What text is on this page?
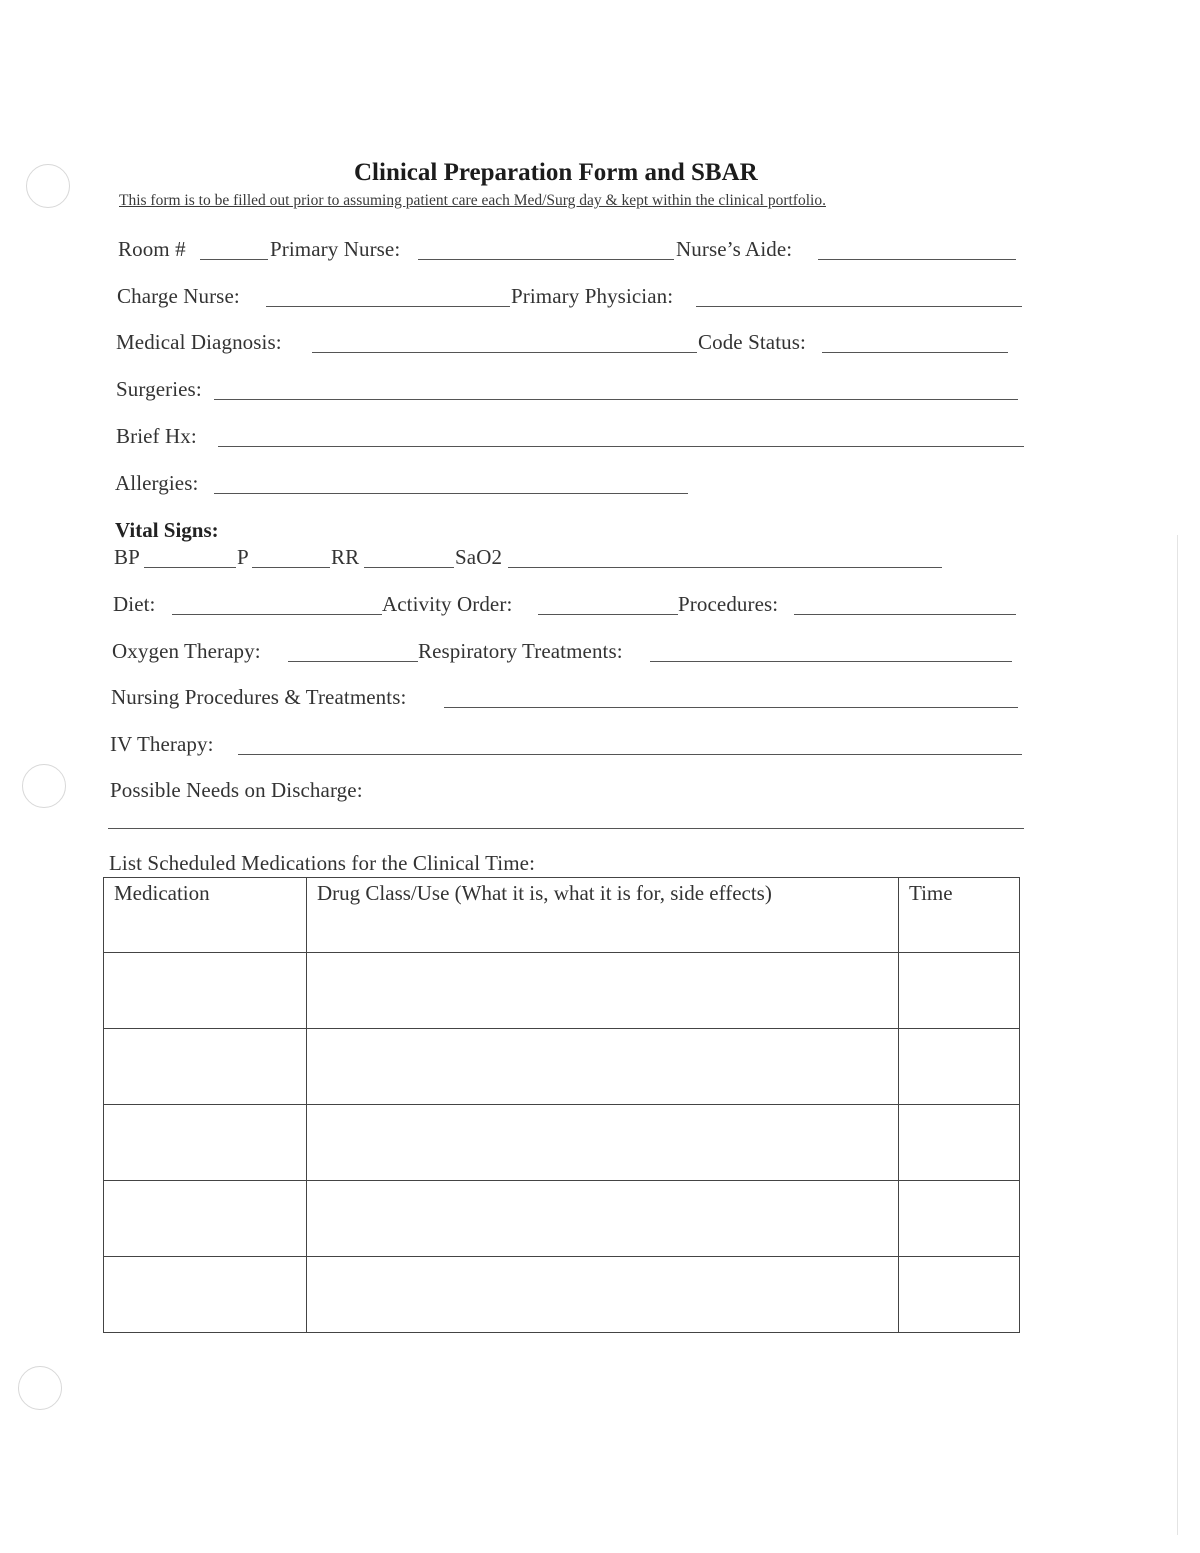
Clinical Preparation Form and SBAR
This form is to be filled out prior to assuming patient care each Med/Surg day & kept within the clinical portfolio.
Room #	Primary Nurse:	Nurse’s Aide:
Charge Nurse:	Primary Physician:
Medical Diagnosis:	Code Status:
Surgeries:
Brief Hx:
Allergies:
Vital Signs:
BP	P	RR	SaO2
Diet:	Activity Order:	Procedures:
Oxygen Therapy:	Respiratory Treatments:
Nursing Procedures & Treatments:
IV Therapy:
Possible Needs on Discharge:
List Scheduled Medications for the Clinical Time:
Medication	Drug Class/Use (What it is, what it is for, side effects)	Time
